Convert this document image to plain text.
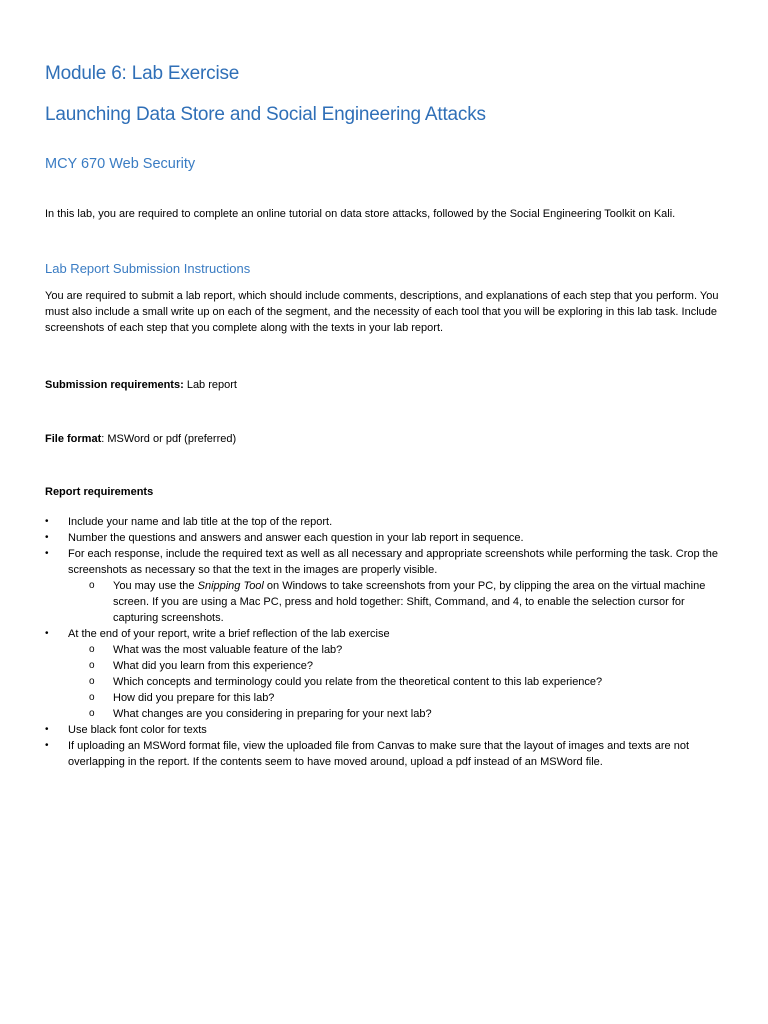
Module 6: Lab Exercise
Launching Data Store and Social Engineering Attacks
MCY 670 Web Security

In this lab, you are required to complete an online tutorial on data store attacks, followed by the Social Engineering Toolkit on Kali.

Lab Report Submission Instructions

You are required to submit a lab report, which should include comments, descriptions, and explanations of each step that you perform. You must also include a small write up on each of the segment, and the necessity of each tool that you will be exploring in this lab task. Include screenshots of each step that you complete along with the texts in your lab report.

Submission requirements: Lab report

File format: MSWord or pdf (preferred)

Report requirements

•	Include your name and lab title at the top of the report.
•	Number the questions and answers and answer each question in your lab report in sequence.
•	For each response, include the required text as well as all necessary and appropriate screenshots while performing the task. Crop the screenshots as necessary so that the text in the images are properly visible.
o You may use the Snipping Tool on Windows to take screenshots from your PC, by clipping the area on the virtual machine screen. If you are using a Mac PC, press and hold together: Shift, Command, and 4, to enable the selection cursor for capturing screenshots.
•	At the end of your report, write a brief reflection of the lab exercise
o What was the most valuable feature of the lab?
o What did you learn from this experience?
o Which concepts and terminology could you relate from the theoretical content to this lab experience?
o How did you prepare for this lab?
o What changes are you considering in preparing for your next lab?
•	Use black font color for texts
•	If uploading an MSWord format file, view the uploaded file from Canvas to make sure that the layout of images and texts are not overlapping in the report. If the contents seem to have moved around, upload a pdf instead of an MSWord file.
